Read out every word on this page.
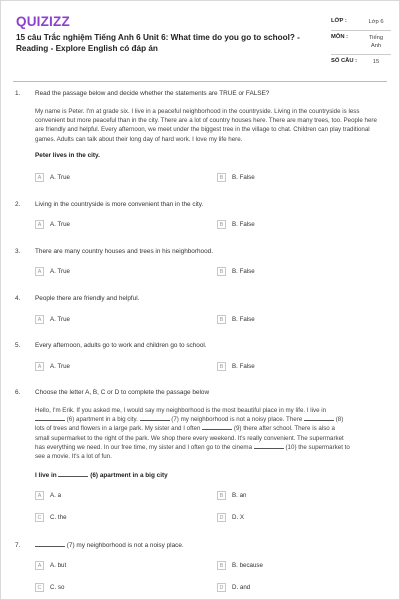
QUIZIZZ
15 câu Trắc nghiệm Tiếng Anh 6 Unit 6: What time do you go to school? - Reading - Explore English có đáp án
LỚP :	Lớp 6
MÔN :	Tiếng Anh
SỐ CÂU :	15
1. Read the passage below and decide whether the statements are TRUE or FALSE?
My name is Peter. I'm at grade six. I live in a peaceful neighborhood in the countryside. Living in the countryside is less convenient but more peaceful than in the city. There are a lot of country houses here. There are many trees, too. People here are friendly and helpful. Every afternoon, we meet under the biggest tree in the village to chat. Children can play traditional games. Adults can talk about their long day of hard work. I love my life here.
Peter lives in the city.
A	A. True	B	B. False
2. Living in the countryside is more convenient than in the city.
A	A. True	B	B. False
3. There are many country houses and trees in his neighborhood.
A	A. True	B	B. False
4. People there are friendly and helpful.
A	A. True	B	B. False
5. Every afternoon, adults go to work and children go to school.
A	A. True	B	B. False
6. Choose the letter A, B, C or D to complete the passage below
Hello, I'm Erik. If you asked me, I would say my neighborhood is the most beautiful place in my life. I live in
(6) apartment in a big city.	(7) my neighborhood is not a noisy place. There	(8)
lots of trees and flowers in a large park. My sister and I often	(9) there after school. There is also a
small supermarket to the right of the park. We shop there every weekend. It's really convenient. The supermarket
has everything we need. In our free time, my sister and I often go to the cinema	(10) the supermarket to
see a movie. It's a lot of fun.
I live in	(6) apartment in a big city
A	A. a	B	B. an
C	C. the	D	D. X
7.	(7) my neighborhood is not a noisy place.
A	A. but	B	B. because
C	C. so	D	D. and
